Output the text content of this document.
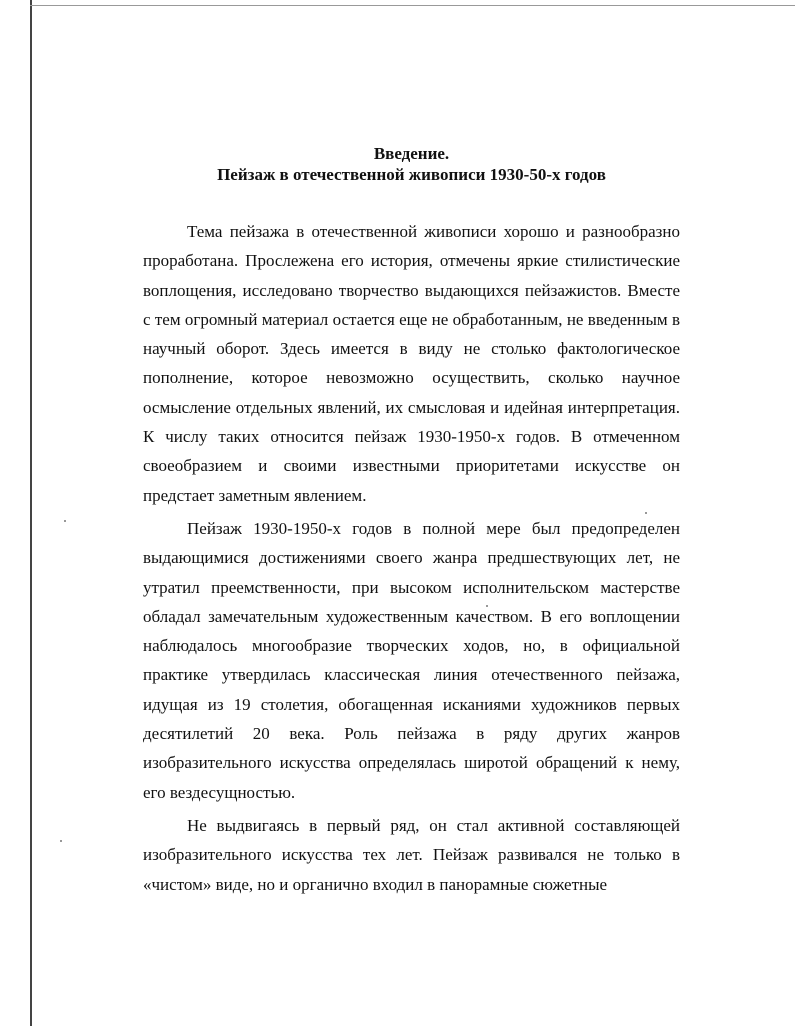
Введение.
Пейзаж в отечественной живописи 1930-50-х годов

Тема пейзажа в отечественной живописи хорошо и разнообразно проработана. Прослежена его история, отмечены яркие стилистические воплощения, исследовано творчество выдающихся пейзажистов. Вместе с тем огромный материал остается еще не обработанным, не введенным в научный оборот. Здесь имеется в виду не столько фактологическое пополнение, которое невозможно осуществить, сколько научное осмысление отдельных явлений, их смысловая и идейная интерпретация. К числу таких относится пейзаж 1930-1950-х годов. В отмеченном своеобразием и своими известными приоритетами искусстве он предстает заметным явлением.

Пейзаж 1930-1950-х годов в полной мере был предопределен выдающимися достижениями своего жанра предшествующих лет, не утратил преемственности, при высоком исполнительском мастерстве обладал замечательным художественным качеством. В его воплощении наблюдалось многообразие творческих ходов, но, в официальной практике утвердилась классическая линия отечественного пейзажа, идущая из 19 столетия, обогащенная исканиями художников первых десятилетий 20 века. Роль пейзажа в ряду других жанров изобразительного искусства определялась широтой обращений к нему, его вездесущностью.

Не выдвигаясь в первый ряд, он стал активной составляющей изобразительного искусства тех лет. Пейзаж развивался не только в «чистом» виде, но и органично входил в панорамные сюжетные
